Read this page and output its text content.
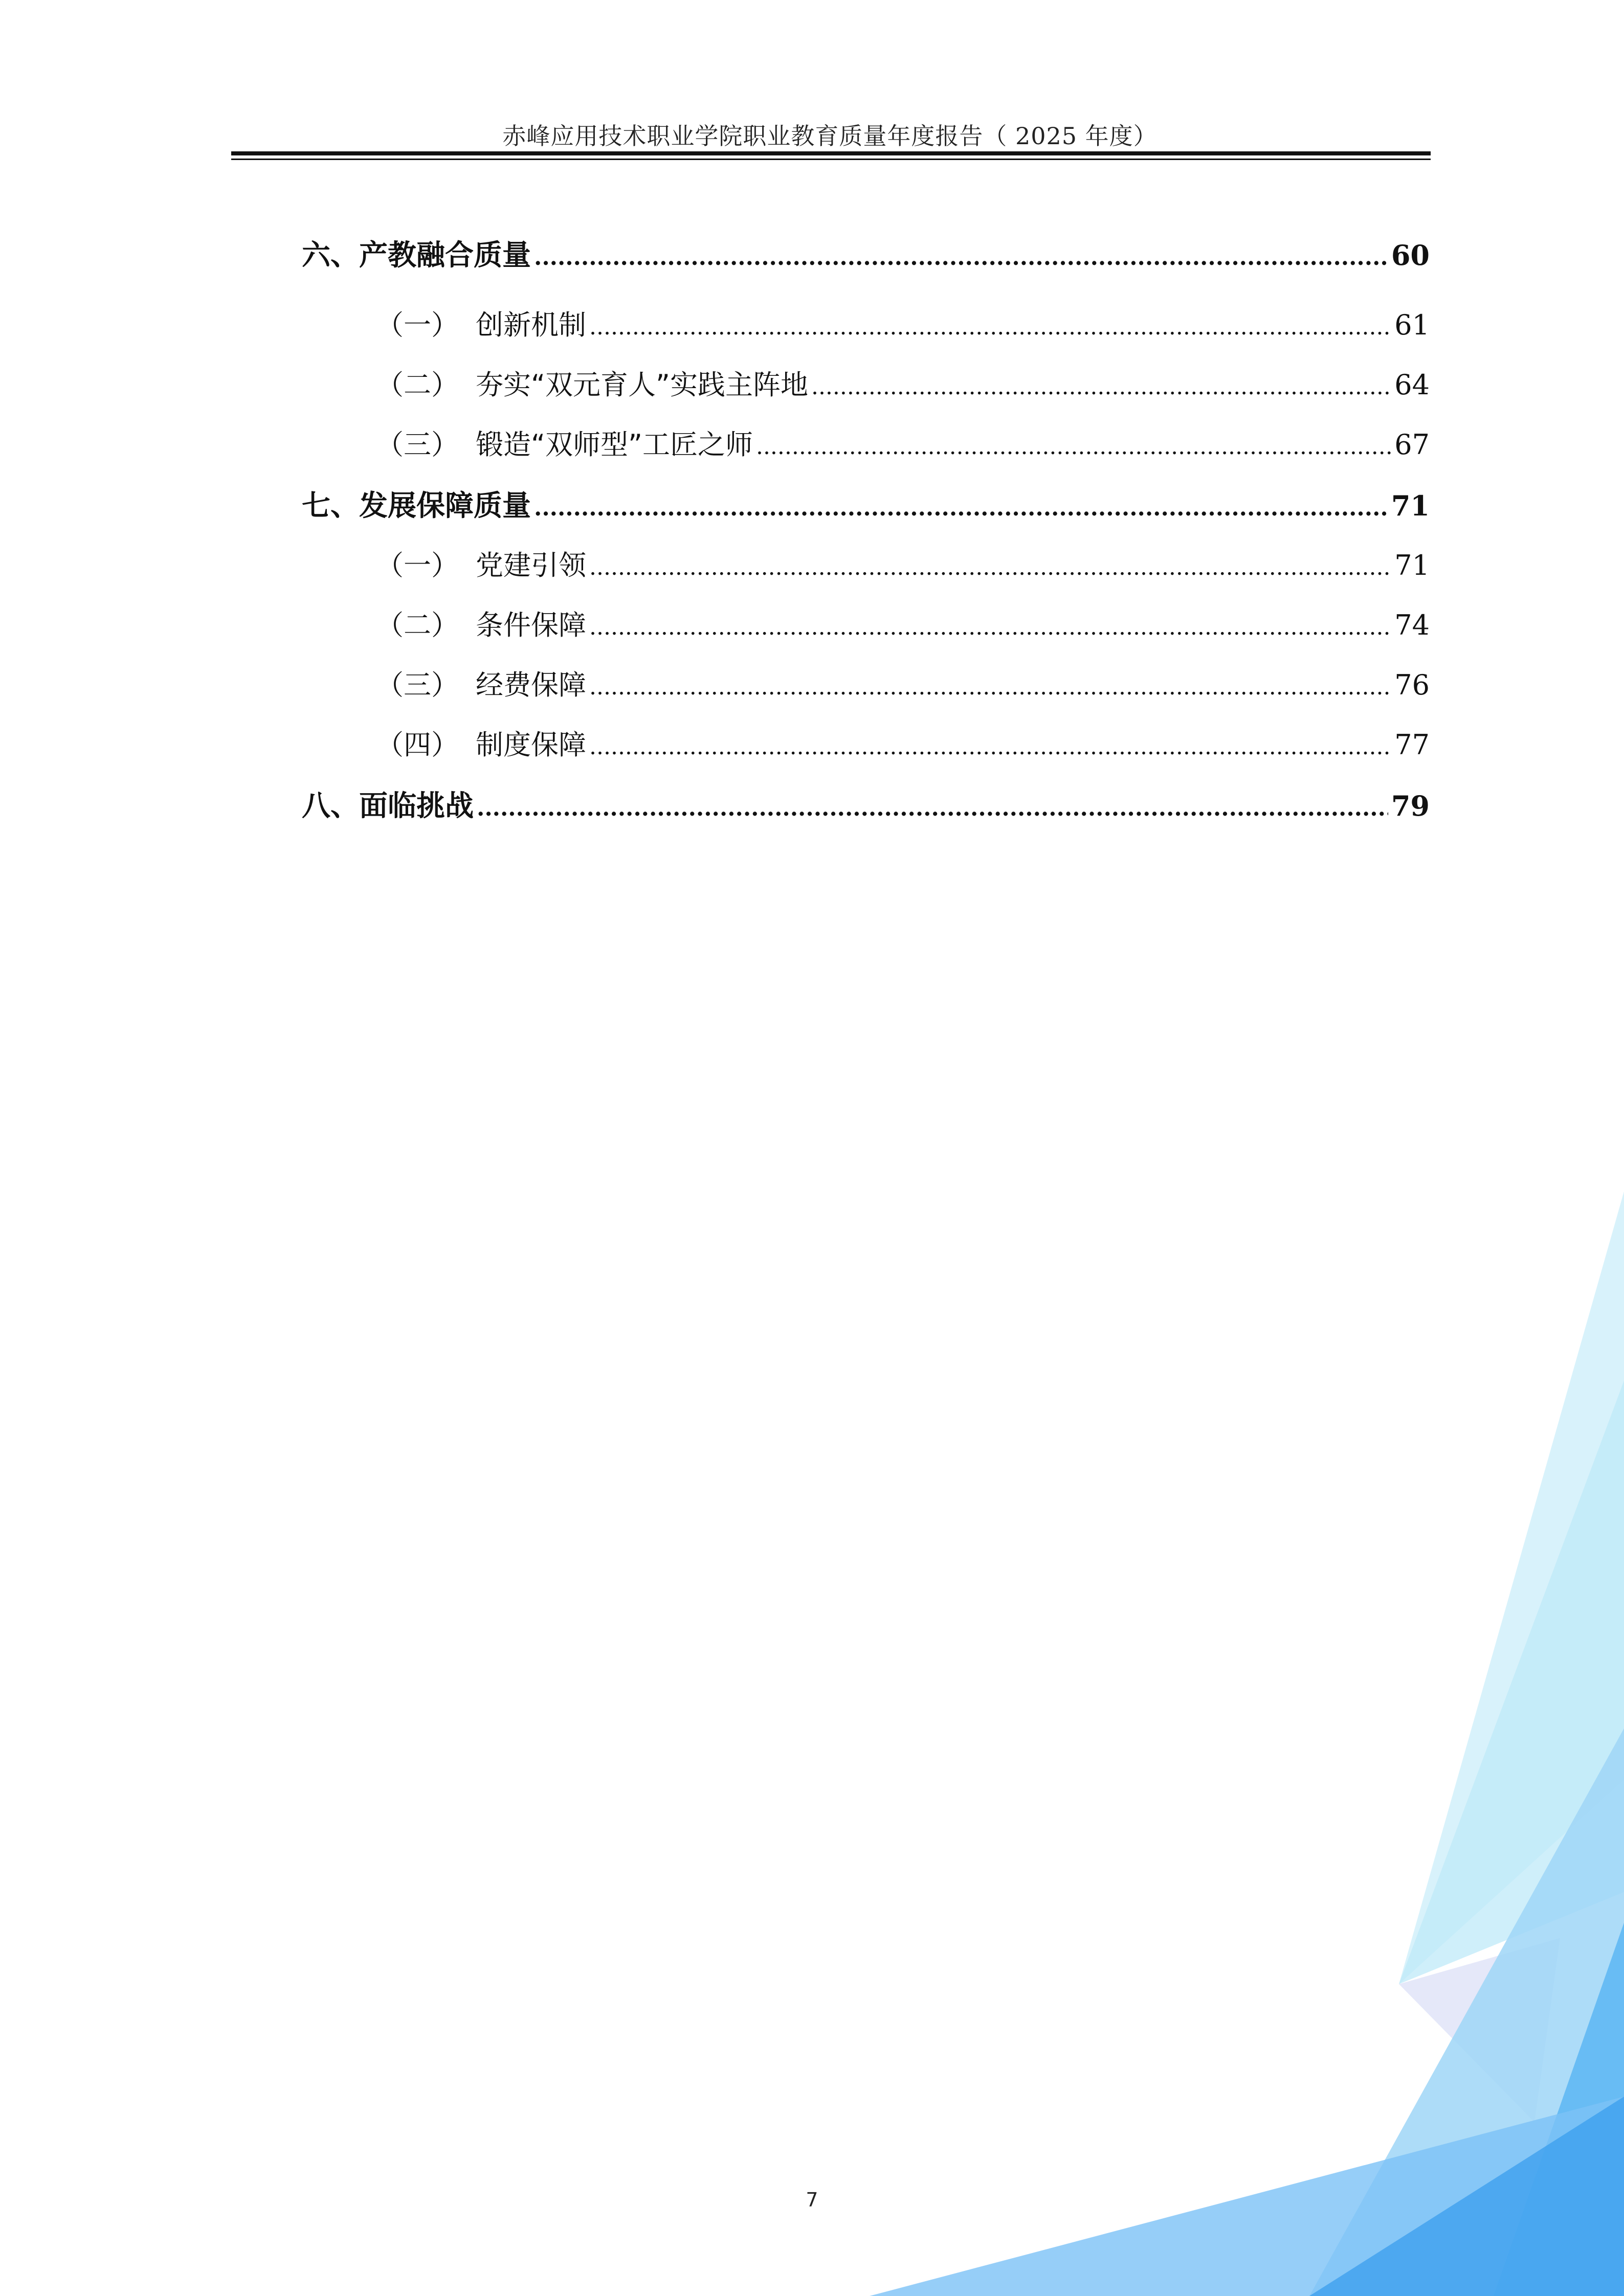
赤峰应用技术职业学院职业教育质量年度报告（ 2025 年度）
六、产教融合质量 .....	60
（一） 创新机制 .....	61
（二） 夯实“双元育人”实践主阵地 .....	64
（三） 锻造“双师型”工匠之师 .....	67
七、发展保障质量 .....	71
（一） 党建引领 .....	71
（二） 条件保障 .....	74
（三） 经费保障 .....	76
（四） 制度保障 .....	77
八、面临挑战 .....	79
7
